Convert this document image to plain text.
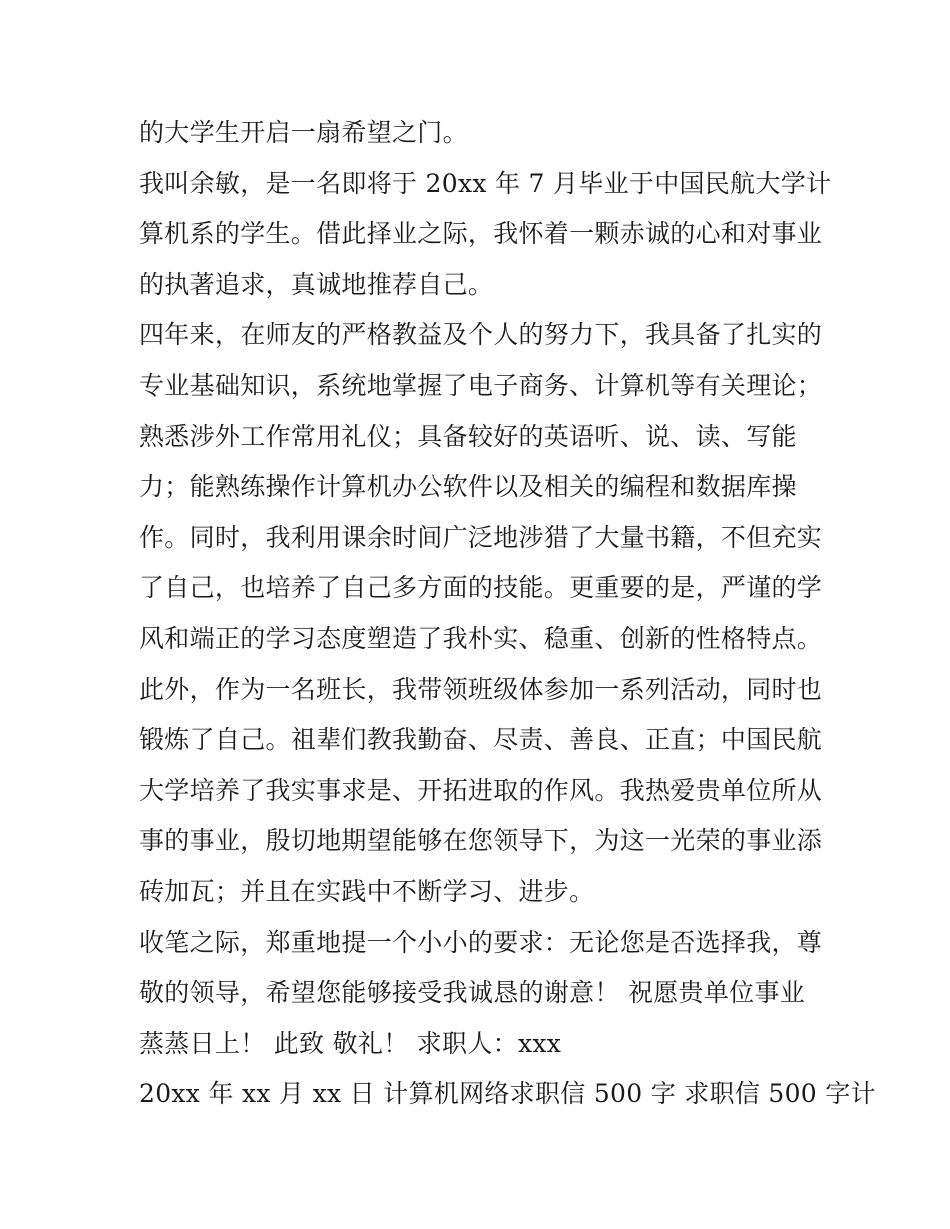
的大学生开启一扇希望之门。
我叫余敏，是一名即将于 20xx 年 7 月毕业于中国民航大学计
算机系的学生。借此择业之际，我怀着一颗赤诚的心和对事业
的执著追求，真诚地推荐自己。
四年来，在师友的严格教益及个人的努力下，我具备了扎实的
专业基础知识，系统地掌握了电子商务、计算机等有关理论；
熟悉涉外工作常用礼仪；具备较好的英语听、说、读、写能
力；能熟练操作计算机办公软件以及相关的编程和数据库操
作。同时，我利用课余时间广泛地涉猎了大量书籍，不但充实
了自己，也培养了自己多方面的技能。更重要的是，严谨的学
风和端正的学习态度塑造了我朴实、稳重、创新的性格特点。
此外，作为一名班长，我带领班级体参加一系列活动，同时也
锻炼了自己。祖辈们教我勤奋、尽责、善良、正直；中国民航
大学培养了我实事求是、开拓进取的作风。我热爱贵单位所从
事的事业，殷切地期望能够在您领导下，为这一光荣的事业添
砖加瓦；并且在实践中不断学习、进步。
收笔之际，郑重地提一个小小的要求：无论您是否选择我，尊
敬的领导，希望您能够接受我诚恳的谢意！ 祝愿贵单位事业
蒸蒸日上！ 此致 敬礼！ 求职人：xxx
20xx 年 xx 月 xx 日 计算机网络求职信 500 字 求职信 500 字计
